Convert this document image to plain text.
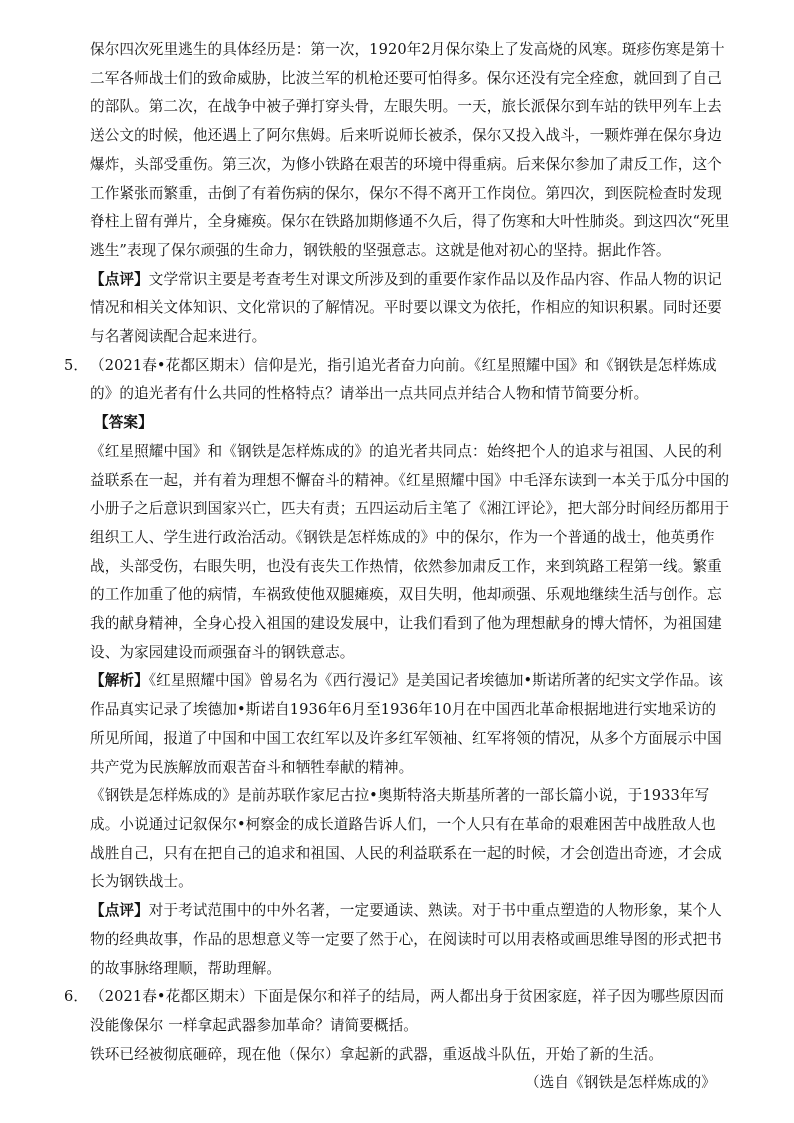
保尔四次死里逃生的具体经历是：第一次，1920年2月保尔染上了发高烧的风寒。斑疹伤寒是第十二军各师战士们的致命威胁，比波兰军的机枪还要可怕得多。保尔还没有完全痊愈，就回到了自己的部队。第二次，在战争中被子弹打穿头骨，左眼失明。一天，旅长派保尔到车站的铁甲列车上去送公文的时候，他还遇上了阿尔焦姆。后来听说师长被杀，保尔又投入战斗，一颗炸弹在保尔身边爆炸，头部受重伤。第三次，为修小铁路在艰苦的环境中得重病。后来保尔参加了肃反工作，这个工作紧张而繁重，击倒了有着伤病的保尔，保尔不得不离开工作岗位。第四次，到医院检查时发现脊柱上留有弹片，全身瘫痪。保尔在铁路加期修通不久后，得了伤寒和大叶性肺炎。到这四次“死里逃生”表现了保尔顽强的生命力，钢铁般的坚强意志。这就是他对初心的坚持。据此作答。

【点评】文学常识主要是考查考生对课文所涉及到的重要作家作品以及作品内容、作品人物的识记情况和相关文体知识、文化常识的了解情况。平时要以课文为依托，作相应的知识积累。同时还要与名著阅读配合起来进行。

5． （2021春•花都区期末）信仰是光，指引追光者奋力向前。《红星照耀中国》和《钢铁是怎样炼成的》的追光者有什么共同的性格特点？请举出一点共同点并结合人物和情节简要分析。

【答案】

《红星照耀中国》和《钢铁是怎样炼成的》的追光者共同点：始终把个人的追求与祖国、人民的利益联系在一起，并有着为理想不懈奋斗的精神。《红星照耀中国》中毛泽东读到一本关于瓜分中国的小册子之后意识到国家兴亡，匹夫有责；五四运动后主笔了《湘江评论》，把大部分时间经历都用于组织工人、学生进行政治活动。《钢铁是怎样炼成的》中的保尔，作为一个普通的战士，他英勇作战，头部受伤，右眼失明，也没有丧失工作热情，依然参加肃反工作，来到筑路工程第一线。繁重的工作加重了他的病情，车祸致使他双腿瘫痪，双目失明，他却顽强、乐观地继续生活与创作。忘我的献身精神，全身心投入祖国的建设发展中，让我们看到了他为理想献身的博大情怀，为祖国建设、为家园建设而顽强奋斗的钢铁意志。

【解析】《红星照耀中国》曾易名为《西行漫记》是美国记者埃德加•斯诺所著的纪实文学作品。该作品真实记录了埃德加•斯诺自1936年6月至1936年10月在中国西北革命根据地进行实地采访的所见所闻，报道了中国和中国工农红军以及许多红军领袖、红军将领的情况，从多个方面展示中国共产党为民族解放而艰苦奋斗和牺牲奉献的精神。

《钢铁是怎样炼成的》是前苏联作家尼古拉•奥斯特洛夫斯基所著的一部长篇小说，于1933年写成。小说通过记叙保尔•柯察金的成长道路告诉人们，一个人只有在革命的艰难困苦中战胜敌人也战胜自己，只有在把自己的追求和祖国、人民的利益联系在一起的时候，才会创造出奇迹，才会成长为钢铁战士。

【点评】对于考试范围中的中外名著，一定要通读、熟读。对于书中重点塑造的人物形象，某个人物的经典故事，作品的思想意义等一定要了然于心，在阅读时可以用表格或画思维导图的形式把书的故事脉络理顺，帮助理解。

6． （2021春•花都区期末）下面是保尔和祥子的结局，两人都出身于贫困家庭，祥子因为哪些原因而没能像保尔 一样拿起武器参加革命？请简要概括。

铁环已经被彻底砸碎，现在他（保尔）拿起新的武器，重返战斗队伍，开始了新的生活。

（选自《钢铁是怎样炼成的》
